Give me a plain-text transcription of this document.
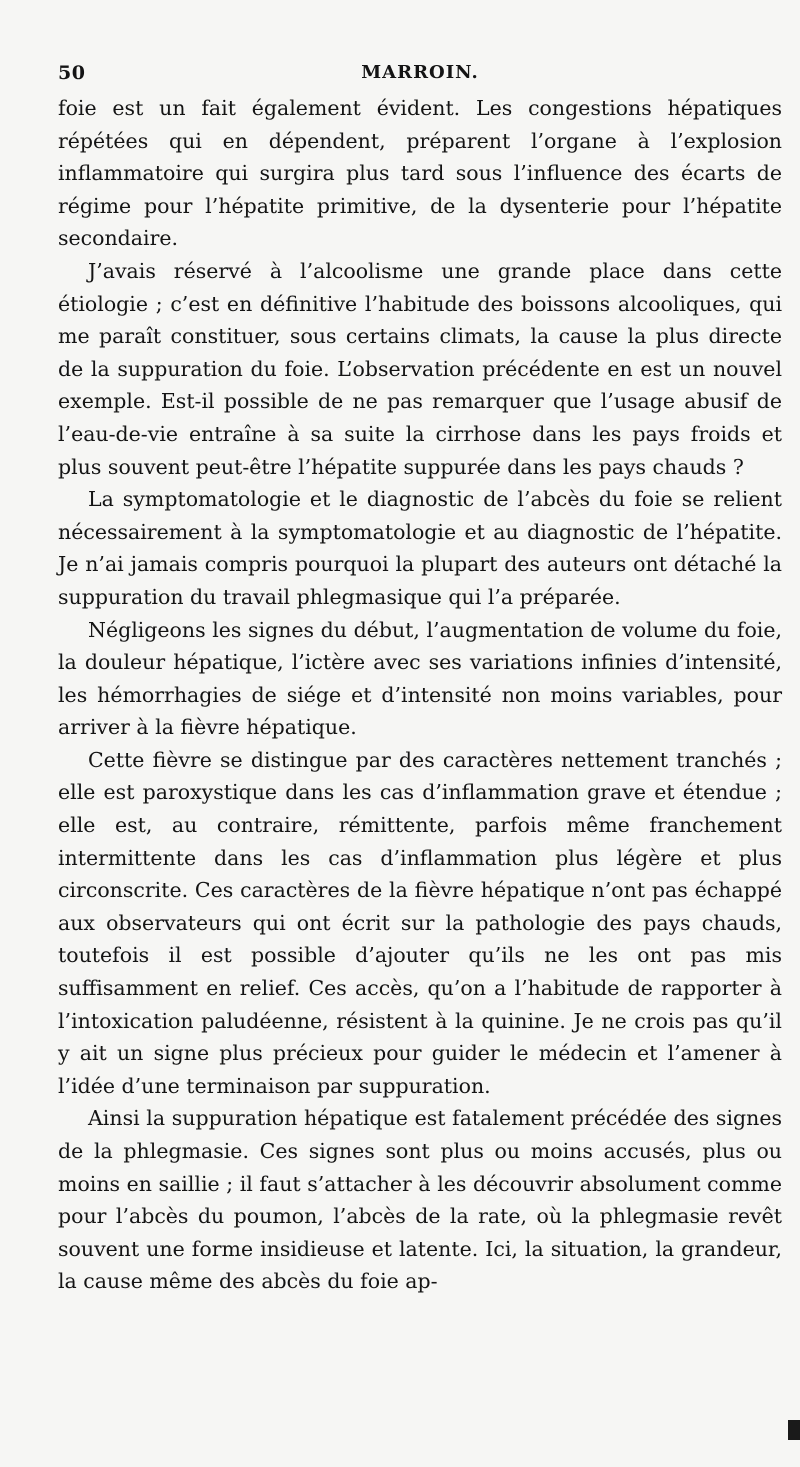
50	MARROIN.

foie est un fait également évident. Les congestions hépatiques répétées qui en dépendent, préparent l’organe à l’explosion inflammatoire qui surgira plus tard sous l’influence des écarts de régime pour l’hépatite primitive, de la dysenterie pour l’hépatite secondaire.

J’avais réservé à l’alcoolisme une grande place dans cette étiologie ; c’est en définitive l’habitude des boissons alcooliques, qui me paraît constituer, sous certains climats, la cause la plus directe de la suppuration du foie. L’observation précédente en est un nouvel exemple. Est-il possible de ne pas remarquer que l’usage abusif de l’eau-de-vie entraîne à sa suite la cirrhose dans les pays froids et plus souvent peut-être l’hépatite suppurée dans les pays chauds ?

La symptomatologie et le diagnostic de l’abcès du foie se relient nécessairement à la symptomatologie et au diagnostic de l’hépatite. Je n’ai jamais compris pourquoi la plupart des auteurs ont détaché la suppuration du travail phlegmasique qui l’a préparée.

Négligeons les signes du début, l’augmentation de volume du foie, la douleur hépatique, l’ictère avec ses variations infinies d’intensité, les hémorrhagies de siége et d’intensité non moins variables, pour arriver à la fièvre hépatique.

Cette fièvre se distingue par des caractères nettement tranchés ; elle est paroxystique dans les cas d’inflammation grave et étendue ; elle est, au contraire, rémittente, parfois même franchement intermittente dans les cas d’inflammation plus légère et plus circonscrite. Ces caractères de la fièvre hépatique n’ont pas échappé aux observateurs qui ont écrit sur la pathologie des pays chauds, toutefois il est possible d’ajouter qu’ils ne les ont pas mis suffisamment en relief. Ces accès, qu’on a l’habitude de rapporter à l’intoxication paludéenne, résistent à la quinine. Je ne crois pas qu’il y ait un signe plus précieux pour guider le médecin et l’amener à l’idée d’une terminaison par suppuration.

Ainsi la suppuration hépatique est fatalement précédée des signes de la phlegmasie. Ces signes sont plus ou moins accusés, plus ou moins en saillie ; il faut s’attacher à les découvrir absolument comme pour l’abcès du poumon, l’abcès de la rate, où la phlegmasie revêt souvent une forme insidieuse et latente. Ici, la situation, la grandeur, la cause même des abcès du foie ap-
